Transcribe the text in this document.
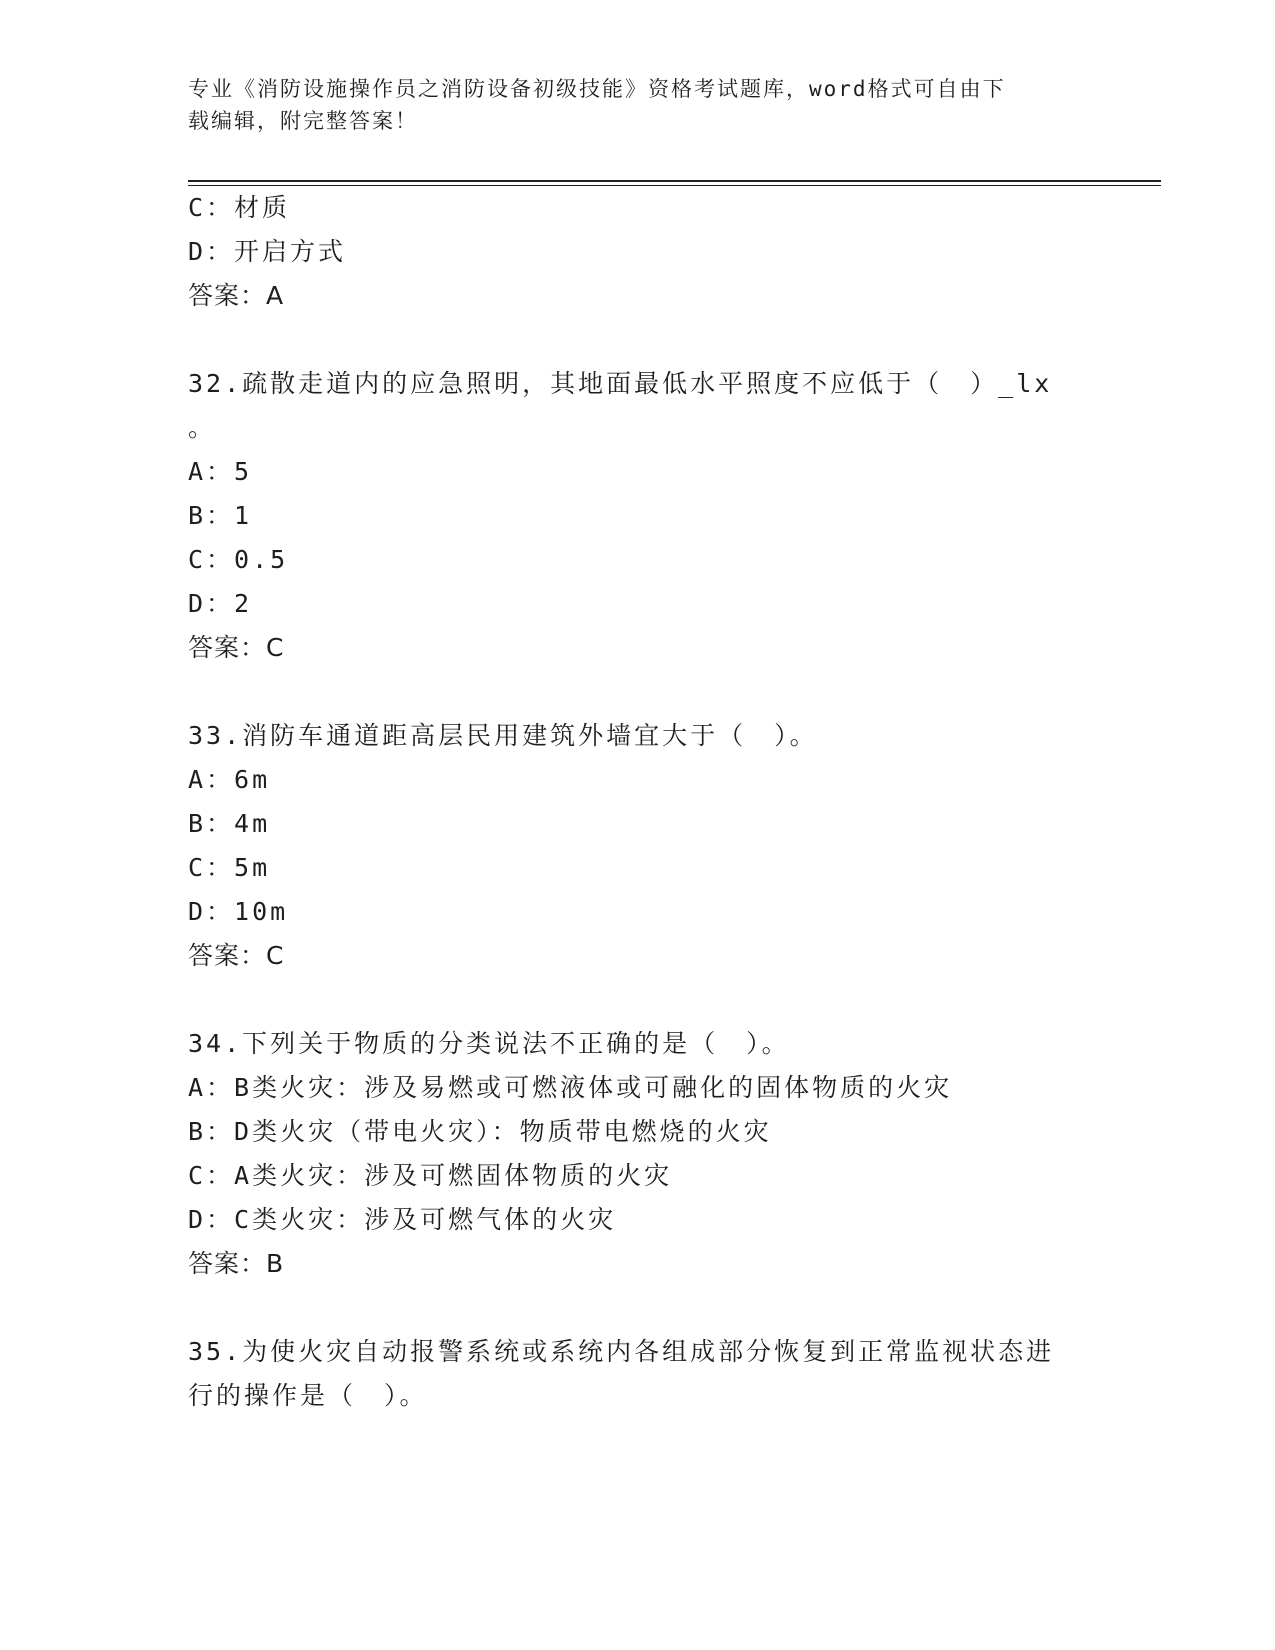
专业《消防设施操作员之消防设备初级技能》资格考试题库，word格式可自由下
载编辑，附完整答案！
C：材质
D：开启方式
答案：A
32.疏散走道内的应急照明，其地面最低水平照度不应低于（　）_lx
。
A：5
B：1
C：0.5
D：2
答案：C
33.消防车通道距高层民用建筑外墙宜大于（　）。
A：6m
B：4m
C：5m
D：10m
答案：C
34.下列关于物质的分类说法不正确的是（　）。
A：B类火灾：涉及易燃或可燃液体或可融化的固体物质的火灾
B：D类火灾（带电火灾）：物质带电燃烧的火灾
C：A类火灾：涉及可燃固体物质的火灾
D：C类火灾：涉及可燃气体的火灾
答案：B
35.为使火灾自动报警系统或系统内各组成部分恢复到正常监视状态进
行的操作是（　）。
